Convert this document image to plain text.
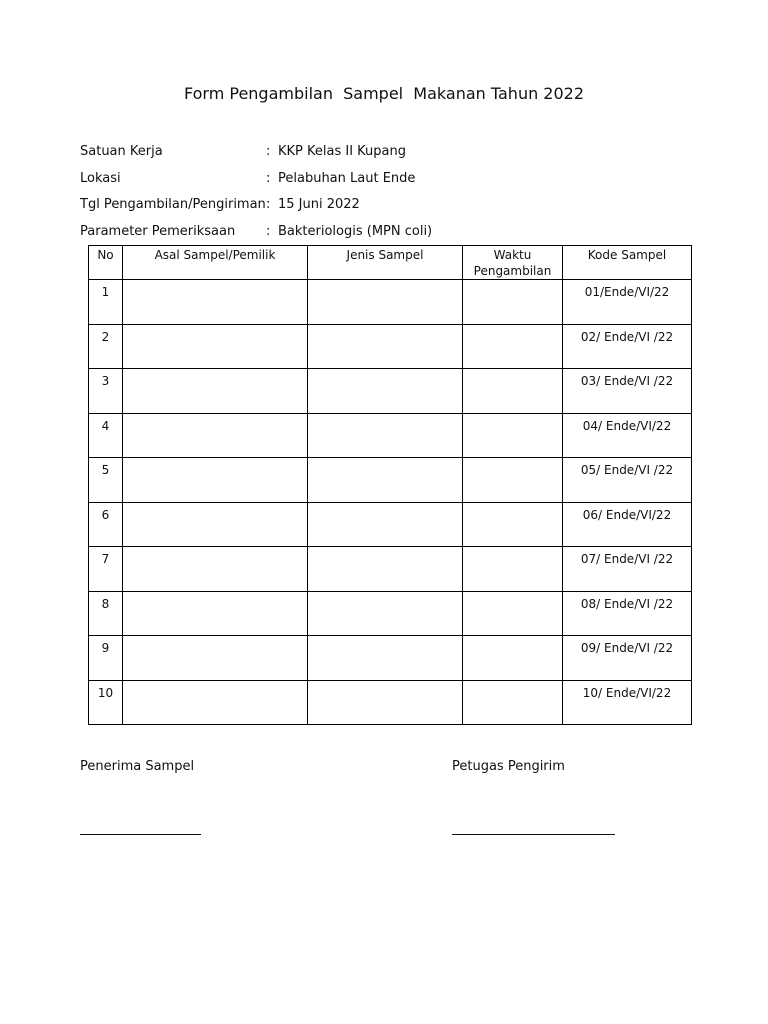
Form Pengambilan  Sampel  Makanan Tahun 2022
Satuan Kerja	: KKP Kelas II Kupang
Lokasi	: Pelabuhan Laut Ende
Tgl Pengambilan/Pengiriman : 15 Juni 2022
Parameter Pemeriksaan	: Bakteriologis (MPN coli)
No	Asal Sampel/Pemilik	Jenis Sampel	Waktu Pengambilan	Kode Sampel
1				01/Ende/VI/22
2				02/ Ende/VI /22
3				03/ Ende/VI /22
4				04/ Ende/VI/22
5				05/ Ende/VI /22
6				06/ Ende/VI/22
7				07/ Ende/VI /22
8				08/ Ende/VI /22
9				09/ Ende/VI /22
10				10/ Ende/VI/22
Penerima Sampel	Petugas Pengirim
